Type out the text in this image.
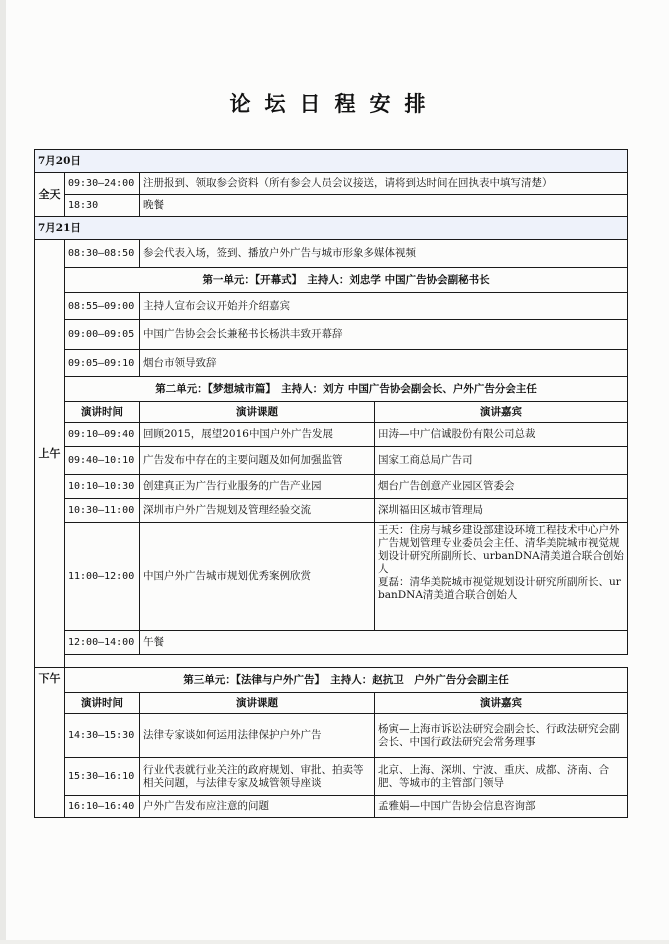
论坛日程安排
7月20日			
全天	09:30—24:00	注册报到、领取参会资料（所有参会人员会议接送，请将到达时间在回执表中填写清楚）	
	18:30	晚餐	
7月21日			
上午	08:30—08:50	参会代表入场，签到、播放户外广告与城市形象多媒体视频	
	第一单元：【开幕式】　主持人：刘忠学 中国广告协会副秘书长		
	08:55—09:00	主持人宣布会议开始并介绍嘉宾	
	09:00—09:05	中国广告协会会长兼秘书长杨洪丰致开幕辞	
	09:05—09:10	烟台市领导致辞	
	第二单元：【梦想城市篇】　主持人：刘方 中国广告协会副会长、户外广告分会主任		
	演讲时间	演讲课题	演讲嘉宾
	09:10—09:40	回顾2015，展望2016中国户外广告发展	田涛—中广信诚股份有限公司总裁
	09:40—10:10	广告发布中存在的主要问题及如何加强监管	国家工商总局广告司
	10:10—10:30	创建真正为广告行业服务的广告产业园	烟台广告创意产业园区管委会
	10:30—11:00	深圳市户外广告规划及管理经验交流	深圳福田区城市管理局
	11:00—12:00	中国户外广告城市规划优秀案例欣赏	王天：住房与城乡建设部建设环境工程技术中心户外广告规划管理专业委员会主任、清华美院城市视觉规划设计研究所副所长、urbanDNA清美道合联合创始人
夏磊：清华美院城市视觉规划设计研究所副所长、urbanDNA清美道合联合创始人
	12:00—14:00	午餐	

下午	第三单元：【法律与户外广告】　主持人：赵抗卫　户外广告分会副主任		
	演讲时间	演讲课题	演讲嘉宾
	14:30—15:30	法律专家谈如何运用法律保护户外广告	杨寅—上海市诉讼法研究会副会长、行政法研究会副会长、中国行政法研究会常务理事
	15:30—16:10	行业代表就行业关注的政府规划、审批、拍卖等相关问题，与法律专家及城管领导座谈	北京、上海、深圳、宁波、重庆、成都、济南、合肥、等城市的主管部门领导
	16:10—16:40	户外广告发布应注意的问题	孟雅娟—中国广告协会信息咨询部
